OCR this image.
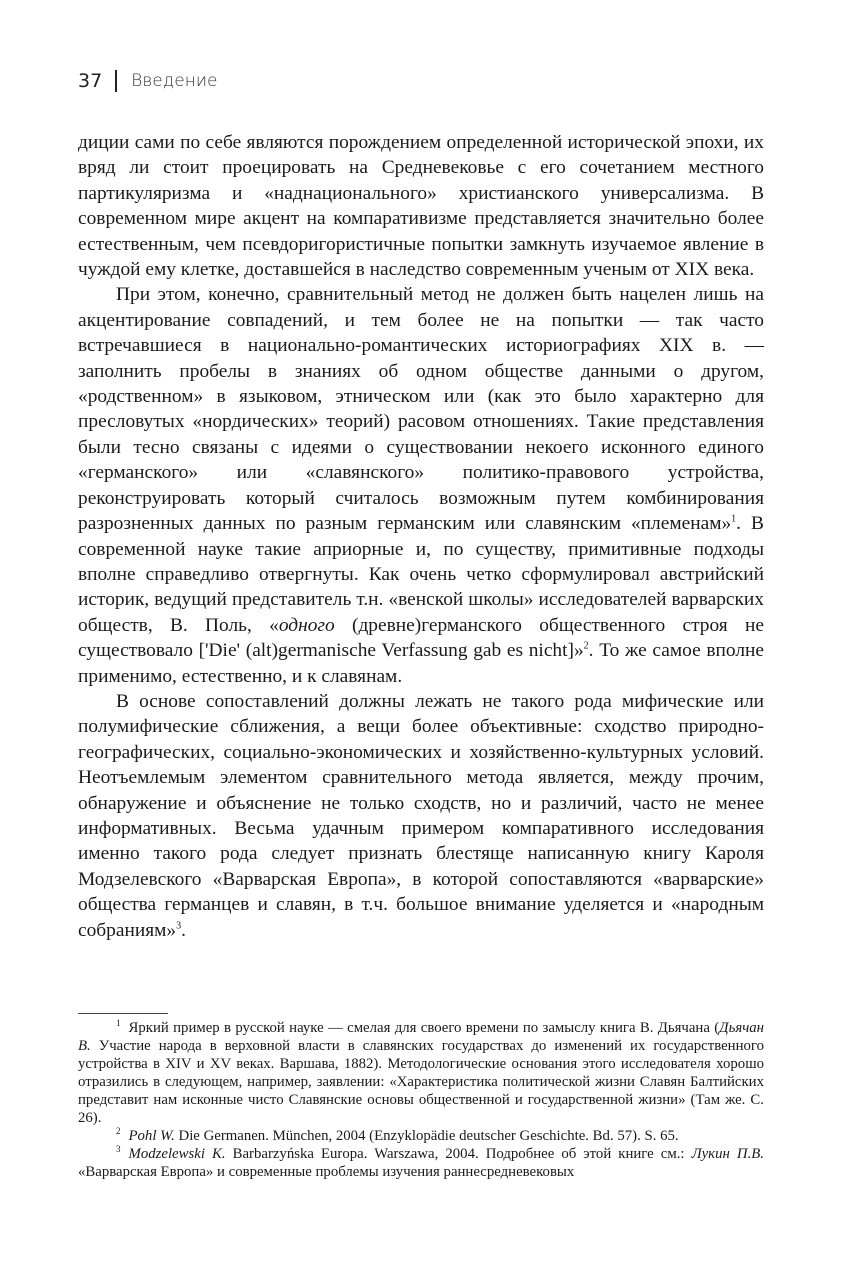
37 Введение

диции сами по себе являются порождением определенной исторической эпохи, их вряд ли стоит проецировать на Средневековье с его сочетанием местного партикуляризма и «наднационального» христианского универсализма. В современном мире акцент на компаративизме представляется значительно более естественным, чем псевдоригористичные попытки замкнуть изучаемое явление в чуждой ему клетке, доставшейся в наследство современным ученым от XIX века.

При этом, конечно, сравнительный метод не должен быть нацелен лишь на акцентирование совпадений, и тем более не на попытки — так часто встречавшиеся в национально-романтических историографиях XIX в. — заполнить пробелы в знаниях об одном обществе данными о другом, «родственном» в языковом, этническом или (как это было характерно для пресловутых «нордических» теорий) расовом отношениях. Такие представления были тесно связаны с идеями о существовании некоего исконного единого «германского» или «славянского» политико-правового устройства, реконструировать который считалось возможным путем комбинирования разрозненных данных по разным германским или славянским «племенам»$^1$. В современной науке такие априорные и, по существу, примитивные подходы вполне справедливо отвергнуты. Как очень четко сформулировал австрийский историк, ведущий представитель т.н. «венской школы» исследователей варварских обществ, В. Поль, «одного (древне)германского общественного строя не существовало ['Die' (alt)germanische Verfassung gab es nicht]»$^2$. То же самое вполне применимо, естественно, и к славянам.

В основе сопоставлений должны лежать не такого рода мифические или полумифические сближения, а вещи более объективные: сходство природно-географических, социально-экономических и хозяйственно-культурных условий. Неотъемлемым элементом сравнительного метода является, между прочим, обнаружение и объяснение не только сходств, но и различий, часто не менее информативных. Весьма удачным примером компаративного исследования именно такого рода следует признать блестяще написанную книгу Кароля Модзелевского «Варварская Европа», в которой сопоставляются «варварские» общества германцев и славян, в т.ч. большое внимание уделяется и «народным собраниям»$^3$.

$^1$ Яркий пример в русской науке — смелая для своего времени по замыслу книга В. Дьячана (Дьячан В. Участие народа в верховной власти в славянских государствах до изменений их государственного устройства в XIV и XV веках. Варшава, 1882). Методологические основания этого исследователя хорошо отразились в следующем, например, заявлении: «Характеристика политической жизни Славян Балтийских представит нам исконные чисто Славянские основы общественной и государственной жизни» (Там же. С. 26).

$^2$ Pohl W. Die Germanen. München, 2004 (Enzyklopädie deutscher Geschichte. Bd. 57). S. 65.

$^3$ Modzelewski K. Barbarzyńska Europa. Warszawa, 2004. Подробнее об этой книге см.: Лукин П.В. «Варварская Европа» и современные проблемы изучения раннесредневековых
